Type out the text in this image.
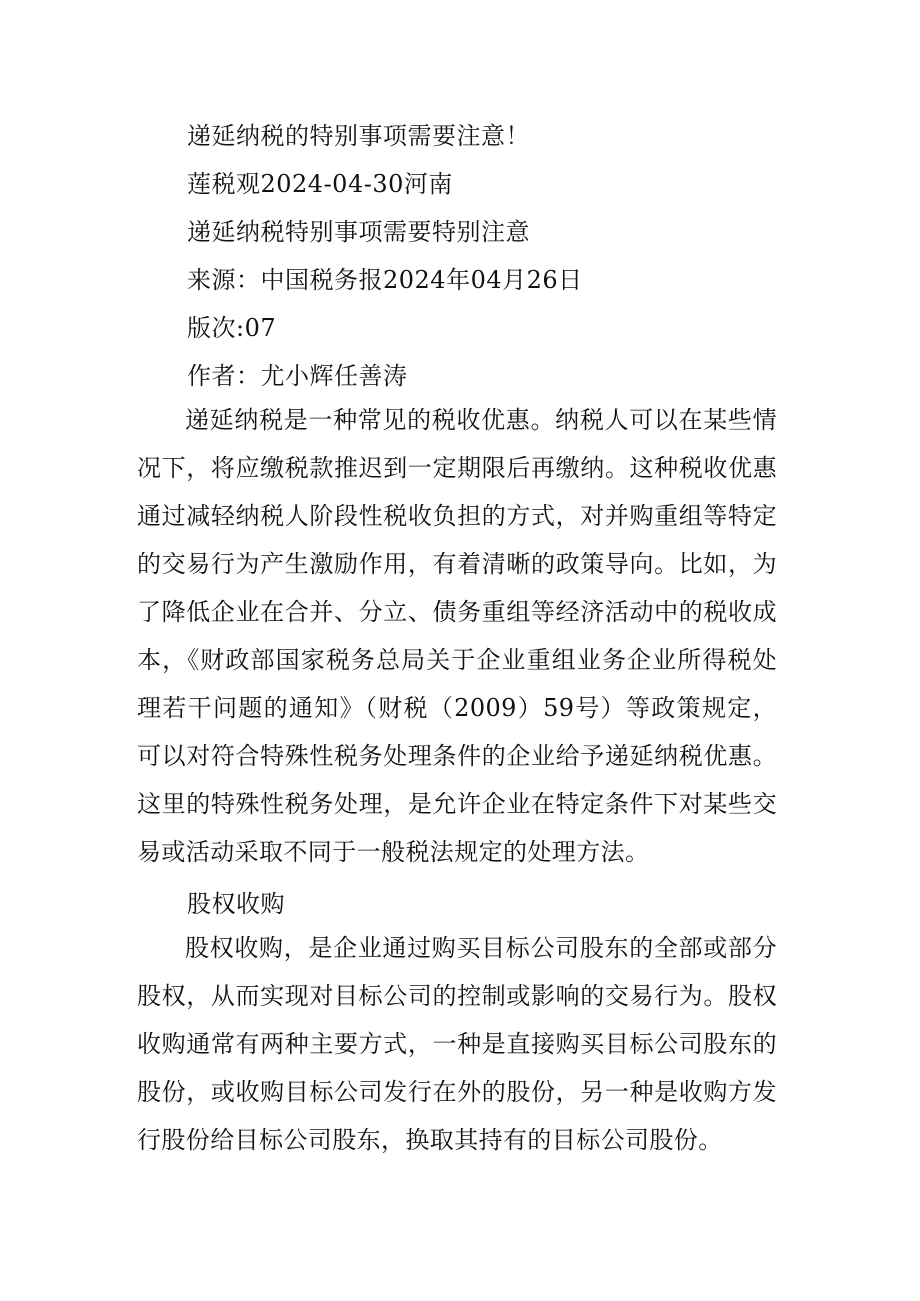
递延纳税的特别事项需要注意！
莲税观2024-04-30河南
递延纳税特别事项需要特别注意
来源：中国税务报2024年04月26日
版次:07
作者：尤小辉任善涛

递延纳税是一种常见的税收优惠。纳税人可以在某些情况下，将应缴税款推迟到一定期限后再缴纳。这种税收优惠通过减轻纳税人阶段性税收负担的方式，对并购重组等特定的交易行为产生激励作用，有着清晰的政策导向。比如，为了降低企业在合并、分立、债务重组等经济活动中的税收成本，《财政部国家税务总局关于企业重组业务企业所得税处理若干问题的通知》（财税（2009）59号）等政策规定，可以对符合特殊性税务处理条件的企业给予递延纳税优惠。这里的特殊性税务处理，是允许企业在特定条件下对某些交易或活动采取不同于一般税法规定的处理方法。

股权收购

股权收购，是企业通过购买目标公司股东的全部或部分股权，从而实现对目标公司的控制或影响的交易行为。股权收购通常有两种主要方式，一种是直接购买目标公司股东的股份，或收购目标公司发行在外的股份，另一种是收购方发行股份给目标公司股东，换取其持有的目标公司股份。
